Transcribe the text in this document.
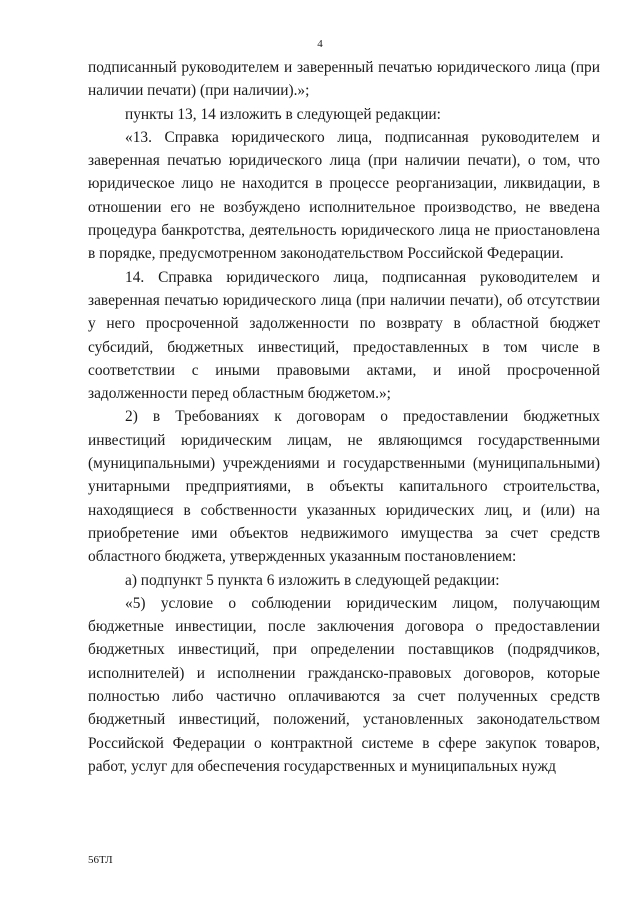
4

подписанный руководителем и заверенный печатью юридического лица (при наличии печати) (при наличии).»;

пункты 13, 14 изложить в следующей редакции:

«13. Справка юридического лица, подписанная руководителем и заверенная печатью юридического лица (при наличии печати), о том, что юридическое лицо не находится в процессе реорганизации, ликвидации, в отношении его не возбуждено исполнительное производство, не введена процедура банкротства, деятельность юридического лица не приостановлена в порядке, предусмотренном законодательством Российской Федерации.

14. Справка юридического лица, подписанная руководителем и заверенная печатью юридического лица (при наличии печати), об отсутствии у него просроченной задолженности по возврату в областной бюджет субсидий, бюджетных инвестиций, предоставленных в том числе в соответствии с иными правовыми актами, и иной просроченной задолженности перед областным бюджетом.»;

2) в Требованиях к договорам о предоставлении бюджетных инвестиций юридическим лицам, не являющимся государственными (муниципальными) учреждениями и государственными (муниципальными) унитарными предприятиями, в объекты капитального строительства, находящиеся в собственности указанных юридических лиц, и (или) на приобретение ими объектов недвижимого имущества за счет средств областного бюджета, утвержденных указанным постановлением:

а) подпункт 5 пункта 6 изложить в следующей редакции:

«5) условие о соблюдении юридическим лицом, получающим бюджетные инвестиции, после заключения договора о предоставлении бюджетных инвестиций, при определении поставщиков (подрядчиков, исполнителей) и исполнении гражданско-правовых договоров, которые полностью либо частично оплачиваются за счет полученных средств бюджетный инвестиций, положений, установленных законодательством Российской Федерации о контрактной системе в сфере закупок товаров, работ, услуг для обеспечения государственных и муниципальных нужд

56ТЛ
